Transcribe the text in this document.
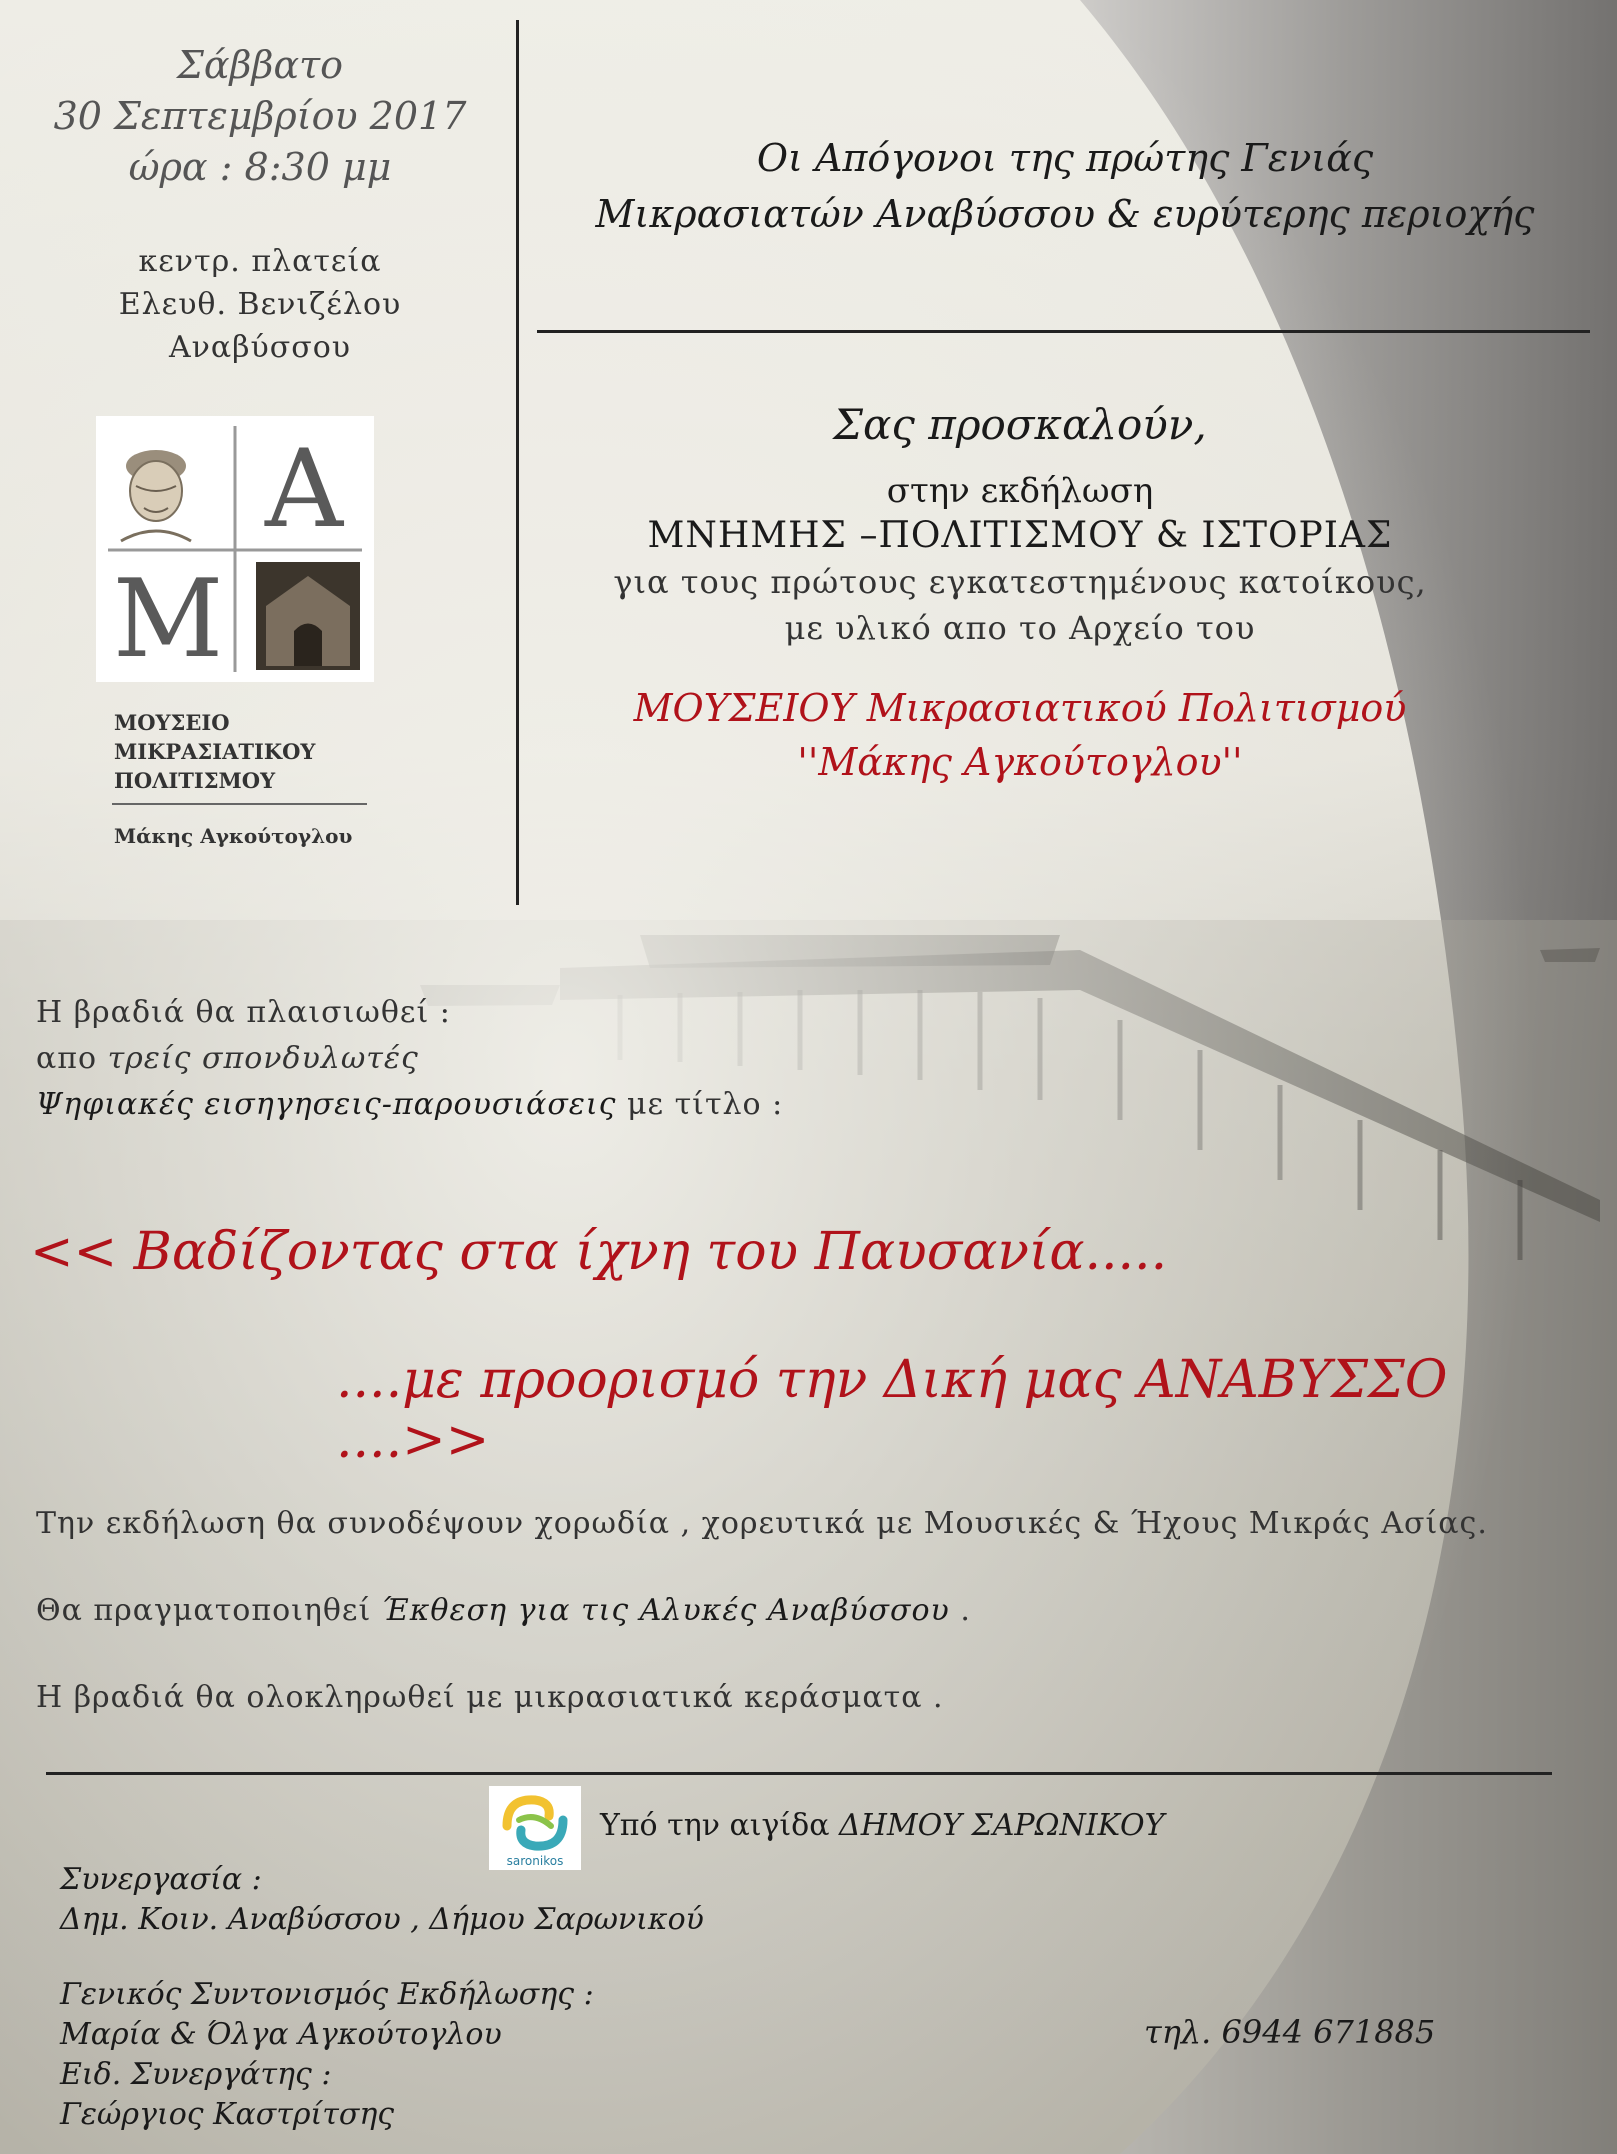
Σάββατο
30 Σεπτεμβρίου 2017
ώρα : 8:30 μμ
κεντρ. πλατεία
Ελευθ. Βενιζέλου
Αναβύσσου
Οι Απόγονοι της πρώτης Γενιάς
Μικρασιατών Αναβύσσου & ευρύτερης περιοχής
Σας προσκαλούν,
στην εκδήλωση
ΜΝΗΜΗΣ –ΠΟΛΙΤΙΣΜΟΥ & ΙΣΤΟΡΙΑΣ
για τους πρώτους εγκατεστημένους κατοίκους,
με υλικό απο το Αρχείο του
ΜΟΥΣΕΙΟΥ Μικρασιατικού Πολιτισμού
''Μάκης Αγκούτογλου''
Α
Μ
ΜΟΥΣΕΙΟ
ΜΙΚΡΑΣΙΑΤΙΚΟΥ
ΠΟΛΙΤΙΣΜΟΥ
Μάκης Αγκούτογλου
Η βραδιά θα πλαισιωθεί :
απο τρείς σπονδυλωτές
Ψηφιακές εισηγησεις-παρουσιάσεις με τίτλο :
<< Βαδίζοντας στα ίχνη του Παυσανία.....
....με προορισμό την Δική μας ΑΝΑΒΥΣΣΟ ....>>
Την εκδήλωση θα συνοδέψουν χορωδία , χορευτικά με Μουσικές & Ήχους Μικράς Ασίας.
Θα πραγματοποιηθεί Έκθεση για τις Αλυκές Αναβύσσου .
Η βραδιά θα ολοκληρωθεί με μικρασιατικά κεράσματα .
saronikos
Υπό την αιγίδα ΔΗΜΟΥ ΣΑΡΩΝΙΚΟΥ
Συνεργασία :
Δημ. Κοιν. Αναβύσσου , Δήμου Σαρωνικού
Γενικός Συντονισμός Εκδήλωσης :
Μαρία & Όλγα Αγκούτογλου
Ειδ. Συνεργάτης :
Γεώργιος Καστρίτσης
τηλ. 6944 671885
